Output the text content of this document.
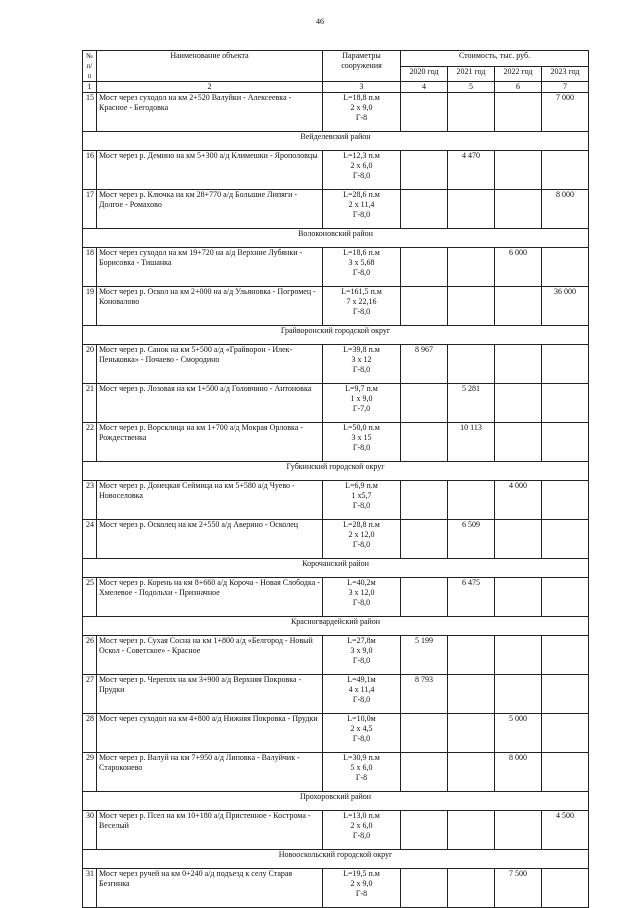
46
№
п/п	Наименование объекта	Параметры сооружения	Стоимость, тыс. руб.			
			2020 год	2021 год	2022 год	2023 год
1	2	3	4	5	6	7
15	Мост через суходол на км 2+520 Валуйки - Алексеевка - Красное - Бегодовка	L=18,8 п.м
2 х 9,0
Г-8				7 000
Вейделевский район						
16	Мост через р. Демино на км 5+300 а/д Климешки - Ярополовцы	L=12,3 п.м
2 х 6,0
Г-8,0		4 470		
17	Мост через р. Ключка на км 28+770 а/д Большие Липяги - Долгое - Ромахово	L=28,6 п.м
2 х 11,4
Г-8,0				8 000
Волоконовский район						
18	Мост через суходол на км 19+720 на а/д Верхние Лубянки - Борисовка - Тишанка	L=18,6 п.м
3 х 5,68
Г-8,0			6 000	
19	Мост через р. Оскол на км 2+000 на а/д Ульяновка - Погромец - Коновалово	L=161,5 п.м
7 х 22,16
Г-8,0				36 000
Грайворонский городской округ						
20	Мост через р. Санок на км 5+500 а/д «Грайворон - Илек-Пеньковка» - Почаево - Смородино	L=39,8 п.м
3 х 12
Г-8,0	8 967			
21	Мост через р. Лозовая на км 1+500 а/д Головчино - Антоновка	L=9,7 п.м
1 х 9,0
Г-7,0		5 281		
22	Мост через р. Ворсклица на км 1+700 а/д Мокрая Орловка - Рождественка	L=50,0 п.м
3 х 15
Г-8,0		10 113		
Губкинский городской округ						
23	Мост через р. Донецкая Сеймица на км 5+580 а/д Чуево - Новоселовка	L=6,9 п.м
1 х5,7
Г-8,0			4 000	
24	Мост через р. Осколец на км 2+550 а/д Аверино - Осколец	L=28,8 п.м
2 х 12,0
Г-8,0		6 509		
Корочанский район						
25	Мост через р. Корень на км 8+660 а/д Короча - Новая Слободка - Хмелевое - Подольхи - Призначное	L=40,2м
3 х 12,0
Г-8,0		6 475		
Красногвардейский район						
26	Мост через р. Сухая Сосна на км 1+800 а/д «Белгород - Новый Оскол - Советское» - Красное	L=27,8м
3 х 9,0
Г-8,0	5 199			
27	Мост через р. Череплх на км 3+900 а/д Верхняя Покровка - Прудки	L=49,1м
4 х 11,4
Г-8,0	8 793			
28	Мост через суходол на км 4+800 а/д Нижняя Покровка - Прудки	L=10,0м
2 х 4,5
Г-8,0			5 000	
29	Мост через р. Валуй на км 7+950 а/д Липовка - Валуйчик - Староконево	L=30,9 п.м
5 х 6,0
Г-8			8 000	
Прохоровский район						
30	Мост через р. Псел на км 10+180 а/д Пристенное - Кострома - Веселый	L=13,0 п.м
2 х 6,0
Г-8,0				4 500
Новооскольский городской округ						
31	Мост через ручей на км 0+240 а/д подъезд к селу Старая Безгинка	L=19,5 п.м
2 х 9,0
Г-8			7 500	
